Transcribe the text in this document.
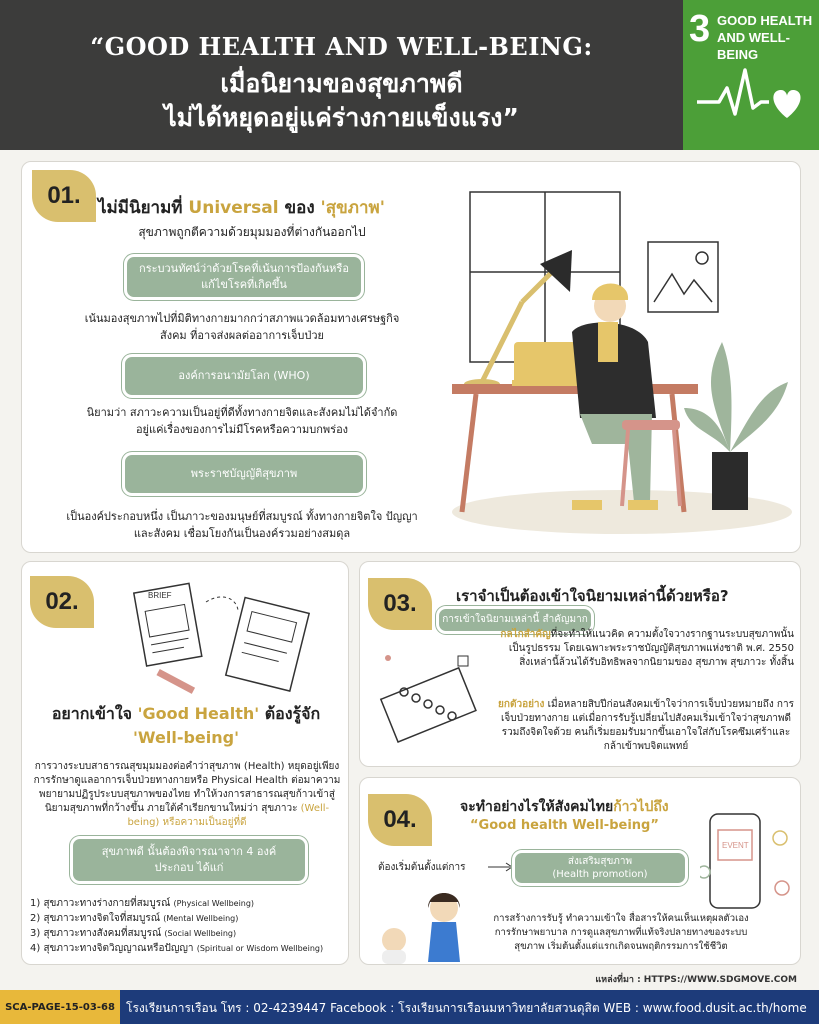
“GOOD HEALTH AND WELL-BEING:
เมื่อนิยามของสุขภาพดี
ไม่ได้หยุดอยู่แค่ร่างกายแข็งแรง”
3 GOOD HEALTH AND WELL-BEING
01.	ไม่มีนิยามที่ Universal ของ 'สุขภาพ'
สุขภาพถูกตีความด้วยมุมมองที่ต่างกันออกไป
กระบวนทัศน์ว่าด้วยโรคที่เน้นการป้องกันหรือแก้ไขโรคที่เกิดขึ้น
เน้นมองสุขภาพไปที่มิติทางกายมากกว่าสภาพแวดล้อมทางเศรษฐกิจ สังคม ที่อาจส่งผลต่ออาการเจ็บป่วย
องค์การอนามัยโลก (WHO)
นิยามว่า สภาวะความเป็นอยู่ที่ดีทั้งทางกายจิตและสังคมไม่ได้จำกัดอยู่แค่เรื่องของการไม่มีโรคหรือความบกพร่อง
พระราชบัญญัติสุขภาพ
เป็นองค์ประกอบหนึ่ง เป็นภาวะของมนุษย์ที่สมบูรณ์ ทั้งทางกายจิตใจ ปัญญา และสังคม เชื่อมโยงกันเป็นองค์รวมอย่างสมดุล
02.	BRIEF
อยากเข้าใจ 'Good Health' ต้องรู้จัก
'Well-being'
การวางระบบสาธารณสุขมุมมองต่อคำว่าสุขภาพ (Health) หยุดอยู่เพียงการรักษาดูแลอาการเจ็บป่วยทางกายหรือ Physical Health ต่อมาความพยายามปฏิรูประบบสุขภาพของไทย ทำให้วงการสาธารณสุขก้าวเข้าสู่นิยามสุขภาพที่กว้างขึ้น ภายใต้คำเรียกขานใหม่ว่า สุขภาวะ (Well-being) หรือความเป็นอยู่ที่ดี
สุขภาพดี นั้นต้องพิจารณาจาก 4 องค์ประกอบ ได้แก่
1) สุขภาวะทางร่างกายที่สมบูรณ์ (Physical Wellbeing)
2) สุขภาวะทางจิตใจที่สมบูรณ์ (Mental Wellbeing)
3) สุขภาวะทางสังคมที่สมบูรณ์ (Social Wellbeing)
4) สุขภาวะทางจิตวิญญาณหรือปัญญา (Spiritual or Wisdom Wellbeing)
03.	เราจำเป็นต้องเข้าใจนิยามเหล่านี้ด้วยหรือ?
การเข้าใจนิยามเหล่านี้ สำคัญมาก
กลไกสำคัญที่จะทำให้แนวคิด ความตั้งใจวางรากฐานระบบสุขภาพนั้นเป็นรูปธรรม โดยเฉพาะพระราชบัญญัติสุขภาพแห่งชาติ พ.ศ. 2550 สิ่งเหล่านี้ล้วนได้รับอิทธิพลจากนิยามของ สุขภาพ สุขภาวะ ทั้งสิ้น
ยกตัวอย่าง เมื่อหลายสิบปีก่อนสังคมเข้าใจว่าการเจ็บป่วยหมายถึง การเจ็บป่วยทางกาย แต่เมื่อการรับรู้เปลี่ยนไปสังคมเริ่มเข้าใจว่าสุขภาพดีรวมถึงจิตใจด้วย คนก็เริ่มยอมรับมากขึ้นเอาใจใส่กับโรคซึมเศร้าและกล้าเข้าพบจิตแพทย์
04.	จะทำอย่างไรให้สังคมไทยก้าวไปถึง
“Good health Well-being”
ต้องเริ่มต้นตั้งแต่การ
ส่งเสริมสุขภาพ
(Health promotion)
EVENT
การสร้างการรับรู้ ทำความเข้าใจ สื่อสารให้คนเห็นเหตุผลตัวเองการรักษาพยาบาล การดูแลสุขภาพที่แท้จริงปลายทางของระบบสุขภาพ เริ่มต้นตั้งแต่แรกเกิดจนพฤติกรรมการใช้ชีวิต
แหล่งที่มา : HTTPS://WWW.SDGMOVE.COM
SCA-PAGE-15-03-68 โรงเรียนการเรือน โทร : 02-4239447 Facebook : โรงเรียนการเรือนมหาวิทยาลัยสวนดุสิต WEB : www.food.dusit.ac.th/home
